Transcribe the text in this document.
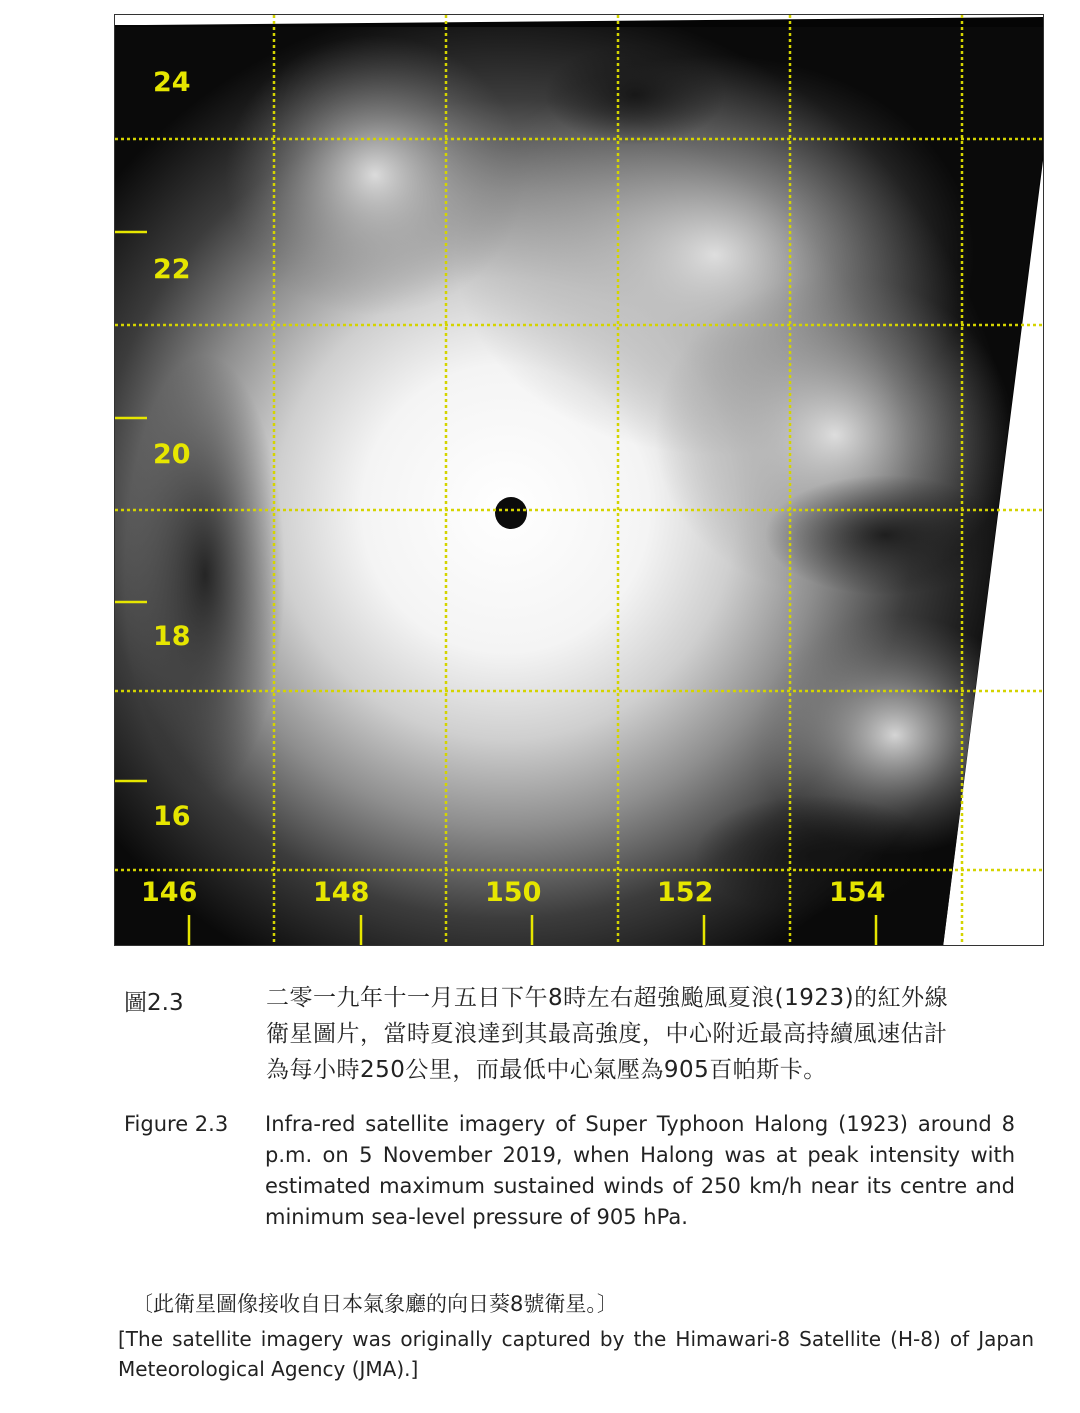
24
22
20
18
16
146	148	150	152	154
圖2.3	二零一九年十一月五日下午8時左右超強颱風夏浪(1923)的紅外線
衛星圖片，當時夏浪達到其最高強度，中心附近最高持續風速估計
為每小時250公里，而最低中心氣壓為905百帕斯卡。
Figure 2.3 Infra-red satellite imagery of Super Typhoon Halong (1923) around 8 p.m. on 5 November 2019, when Halong was at peak intensity with estimated maximum sustained winds of 250 km/h near its centre and minimum sea-level pressure of 905 hPa.
〔此衛星圖像接收自日本氣象廳的向日葵8號衛星。〕
[The satellite imagery was originally captured by the Himawari-8 Satellite (H-8) of Japan Meteorological Agency (JMA).]
